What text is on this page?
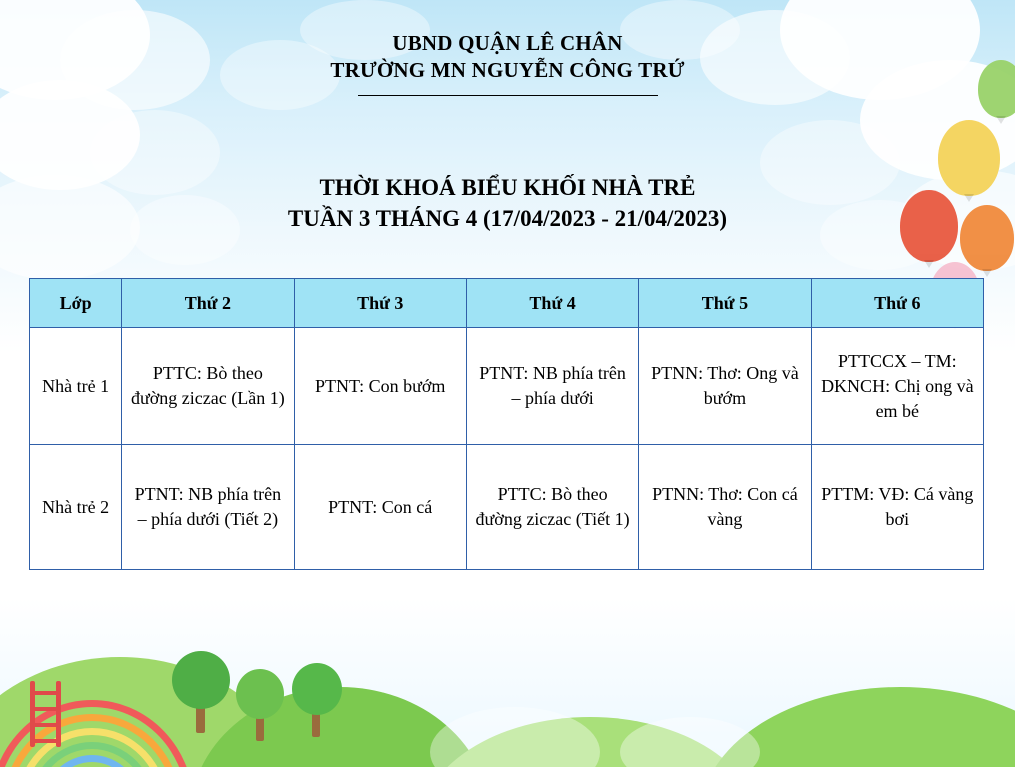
UBND QUẬN LÊ CHÂN
TRƯỜNG MN NGUYỄN CÔNG TRỨ
THỜI KHOÁ BIỂU KHỐI NHÀ TRẺ
TUẦN 3 THÁNG 4 (17/04/2023 - 21/04/2023)
Lớp	Thứ 2	Thứ 3	Thứ 4	Thứ 5	Thứ 6
Nhà trẻ 1	PTTC: Bò theo đường ziczac (Lần 1)	PTNT: Con bướm	PTNT: NB phía trên – phía dưới	PTNN: Thơ: Ong và bướm	PTTCCX – TM: DKNCH: Chị ong và em bé
Nhà trẻ 2	PTNT: NB phía trên – phía dưới (Tiết 2)	PTNT: Con cá	PTTC: Bò theo đường ziczac (Tiết 1)	PTNN: Thơ: Con cá vàng	PTTM: VĐ: Cá vàng bơi
